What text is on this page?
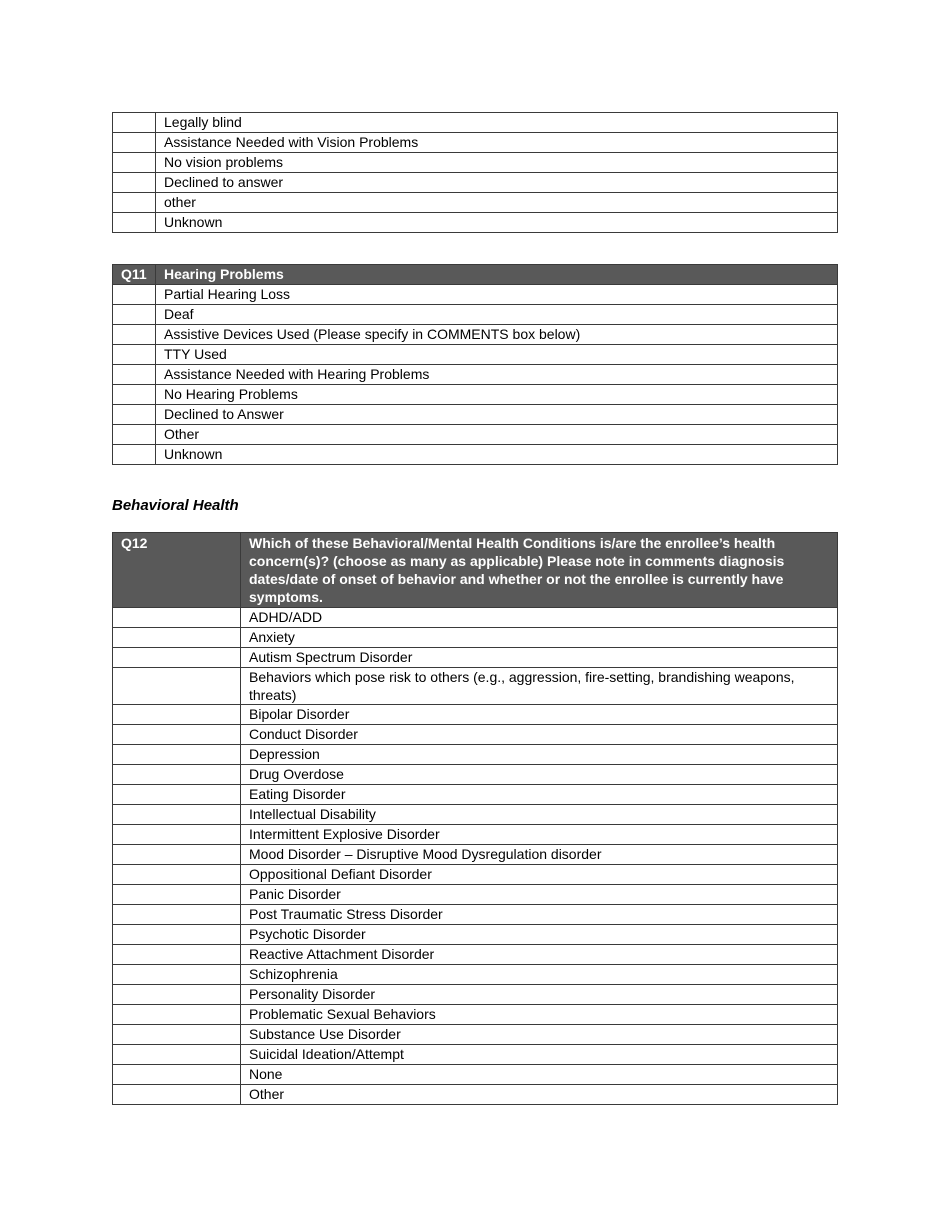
	Legally blind
	Assistance Needed with Vision Problems
	No vision problems
	Declined to answer
	other
	Unknown
Q11	Hearing Problems
	Partial Hearing Loss
	Deaf
	Assistive Devices Used (Please specify in COMMENTS box below)
	TTY Used
	Assistance Needed with Hearing Problems
	No Hearing Problems
	Declined to Answer
	Other
	Unknown
Behavioral Health
Q12	Which of these Behavioral/Mental Health Conditions is/are the enrollee’s health concern(s)? (choose as many as applicable) Please note in comments diagnosis dates/date of onset of behavior and whether or not the enrollee is currently have symptoms.
	ADHD/ADD
	Anxiety
	Autism Spectrum Disorder
	Behaviors which pose risk to others (e.g., aggression, fire-setting, brandishing weapons, threats)
	Bipolar Disorder
	Conduct Disorder
	Depression
	Drug Overdose
	Eating Disorder
	Intellectual Disability
	Intermittent Explosive Disorder
	Mood Disorder – Disruptive Mood Dysregulation disorder
	Oppositional Defiant Disorder
	Panic Disorder
	Post Traumatic Stress Disorder
	Psychotic Disorder
	Reactive Attachment Disorder
	Schizophrenia
	Personality Disorder
	Problematic Sexual Behaviors
	Substance Use Disorder
	Suicidal Ideation/Attempt
	None
	Other
